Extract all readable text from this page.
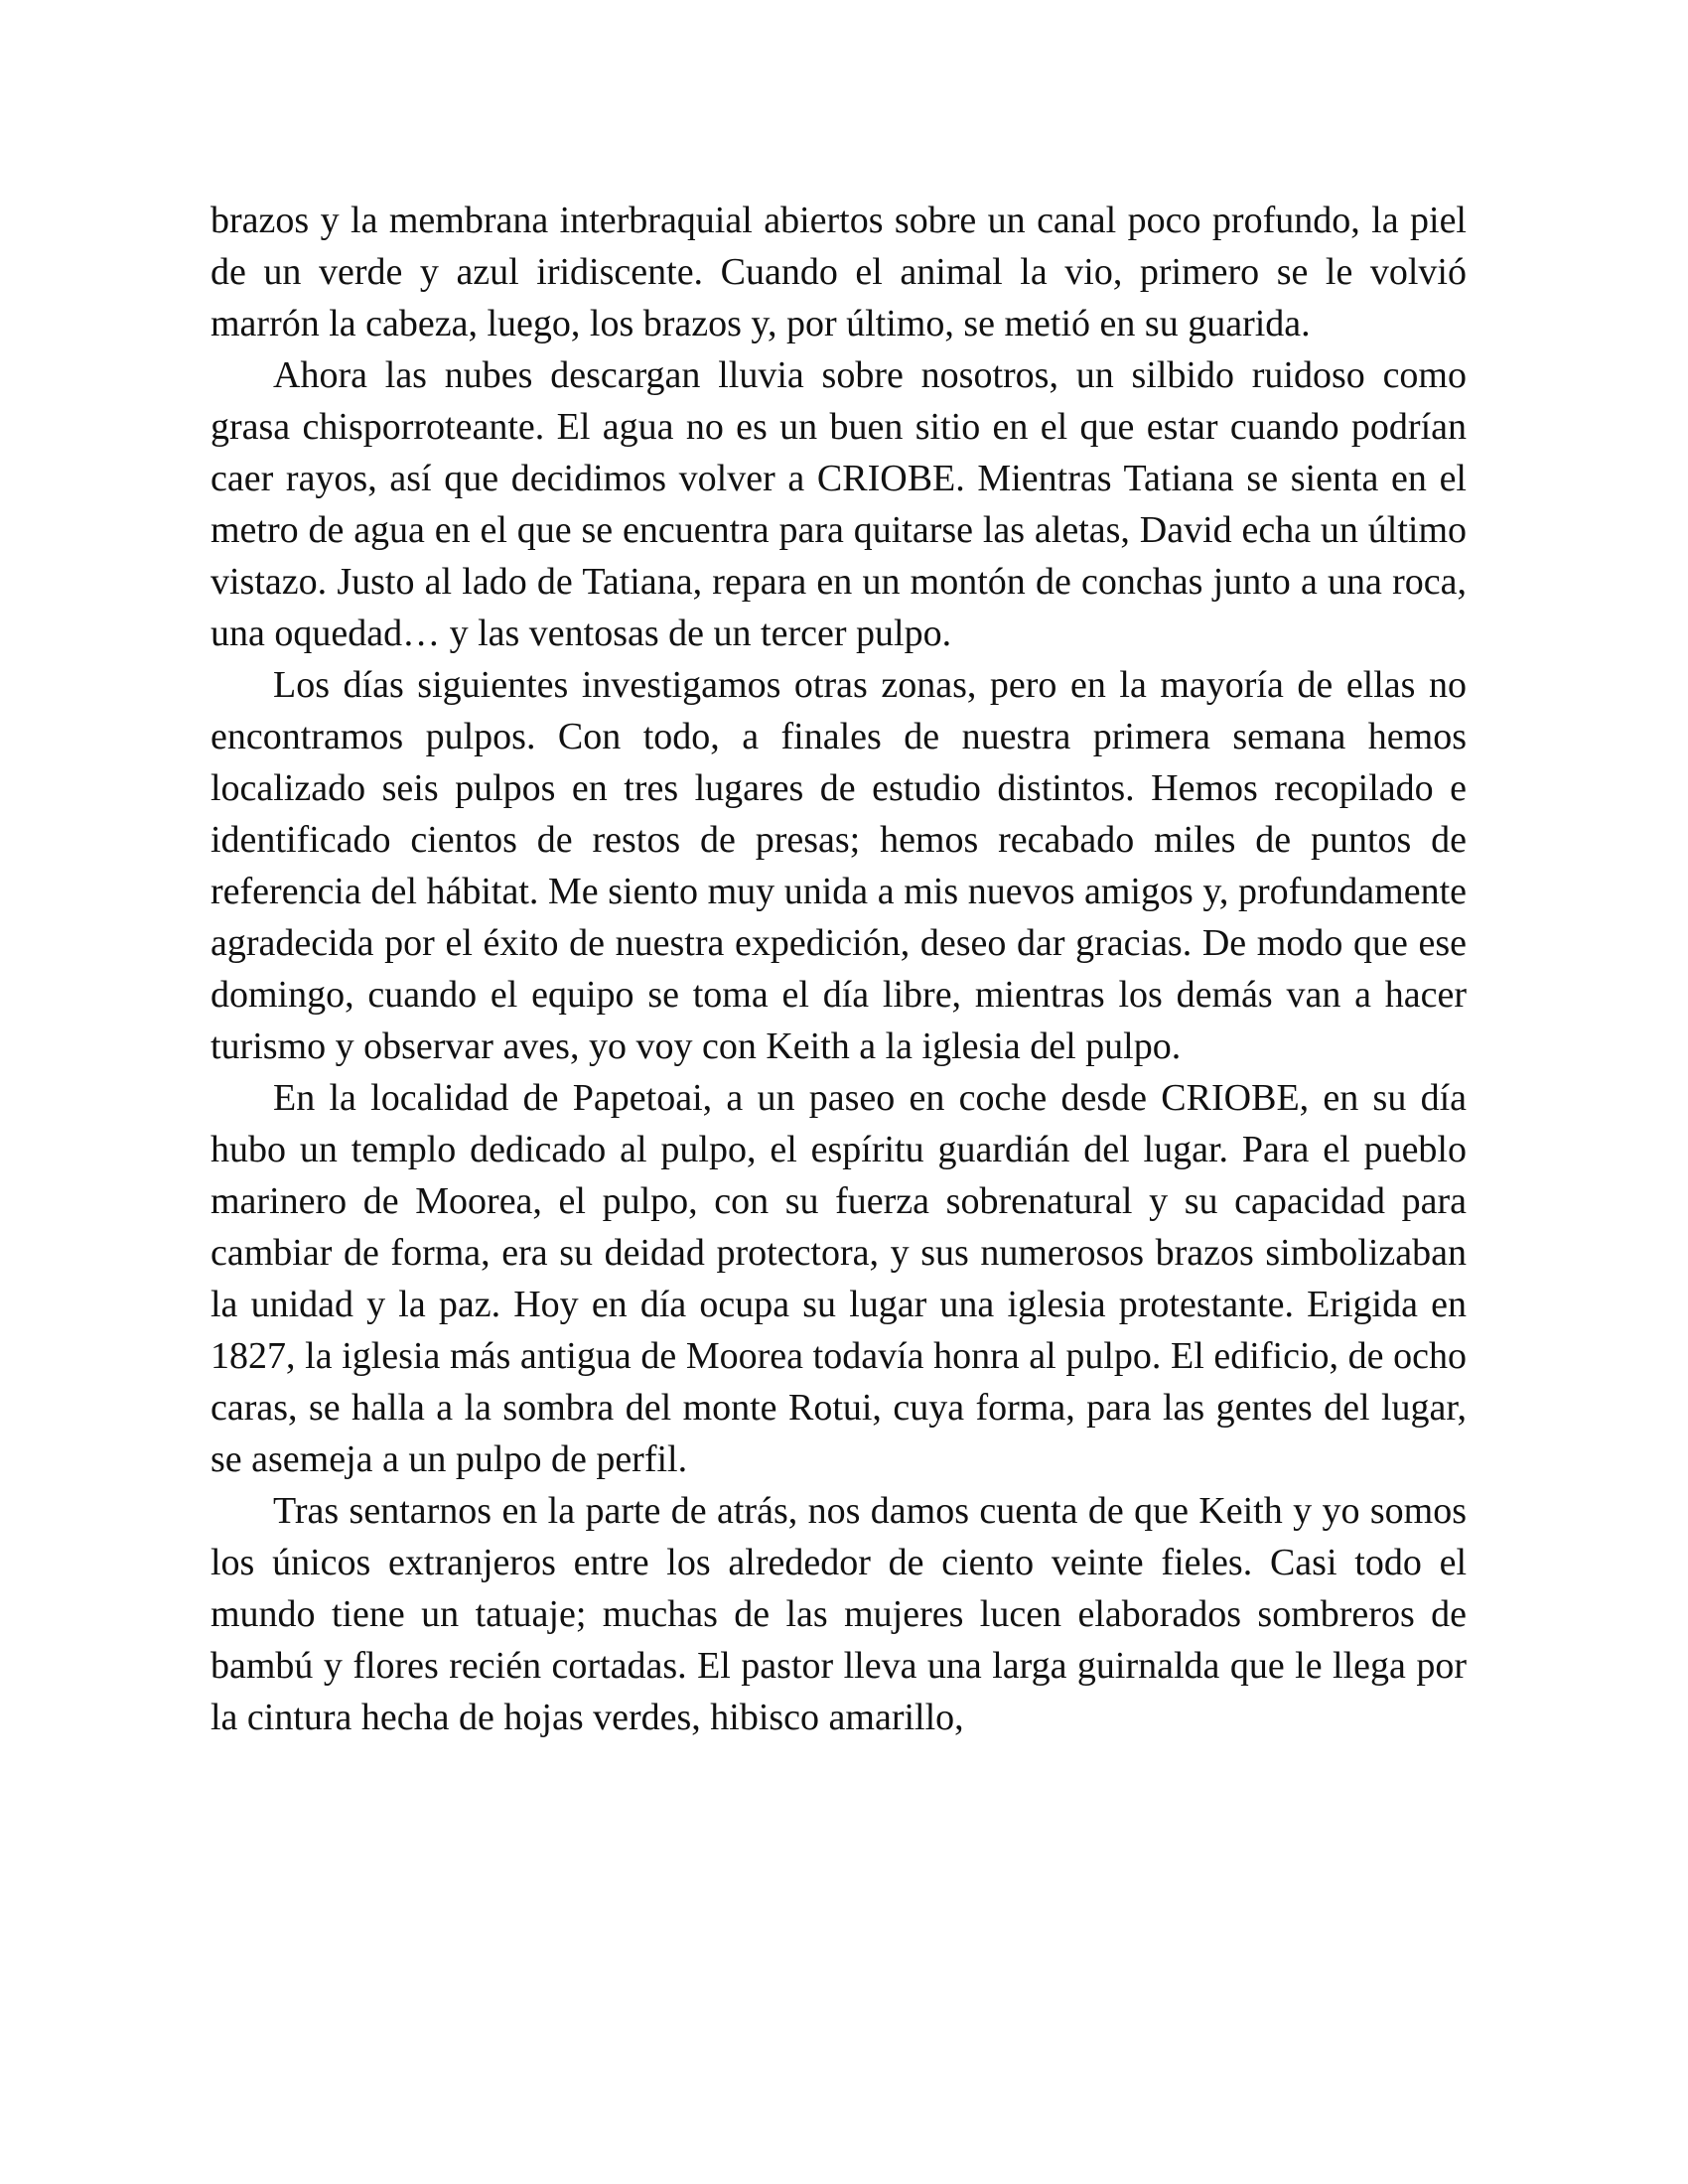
brazos y la membrana interbraquial abiertos sobre un canal poco profundo, la piel de un verde y azul iridiscente. Cuando el animal la vio, primero se le volvió marrón la cabeza, luego, los brazos y, por último, se metió en su guarida.

Ahora las nubes descargan lluvia sobre nosotros, un silbido ruidoso como grasa chisporroteante. El agua no es un buen sitio en el que estar cuando podrían caer rayos, así que decidimos volver a CRIOBE. Mientras Tatiana se sienta en el metro de agua en el que se encuentra para quitarse las aletas, David echa un último vistazo. Justo al lado de Tatiana, repara en un montón de conchas junto a una roca, una oquedad… y las ventosas de un tercer pulpo.

Los días siguientes investigamos otras zonas, pero en la mayoría de ellas no encontramos pulpos. Con todo, a finales de nuestra primera semana hemos localizado seis pulpos en tres lugares de estudio distintos. Hemos recopilado e identificado cientos de restos de presas; hemos recabado miles de puntos de referencia del hábitat. Me siento muy unida a mis nuevos amigos y, profundamente agradecida por el éxito de nuestra expedición, deseo dar gracias. De modo que ese domingo, cuando el equipo se toma el día libre, mientras los demás van a hacer turismo y observar aves, yo voy con Keith a la iglesia del pulpo.

En la localidad de Papetoai, a un paseo en coche desde CRIOBE, en su día hubo un templo dedicado al pulpo, el espíritu guardián del lugar. Para el pueblo marinero de Moorea, el pulpo, con su fuerza sobrenatural y su capacidad para cambiar de forma, era su deidad protectora, y sus numerosos brazos simbolizaban la unidad y la paz. Hoy en día ocupa su lugar una iglesia protestante. Erigida en 1827, la iglesia más antigua de Moorea todavía honra al pulpo. El edificio, de ocho caras, se halla a la sombra del monte Rotui, cuya forma, para las gentes del lugar, se asemeja a un pulpo de perfil.

Tras sentarnos en la parte de atrás, nos damos cuenta de que Keith y yo somos los únicos extranjeros entre los alrededor de ciento veinte fieles. Casi todo el mundo tiene un tatuaje; muchas de las mujeres lucen elaborados sombreros de bambú y flores recién cortadas. El pastor lleva una larga guirnalda que le llega por la cintura hecha de hojas verdes, hibisco amarillo,
